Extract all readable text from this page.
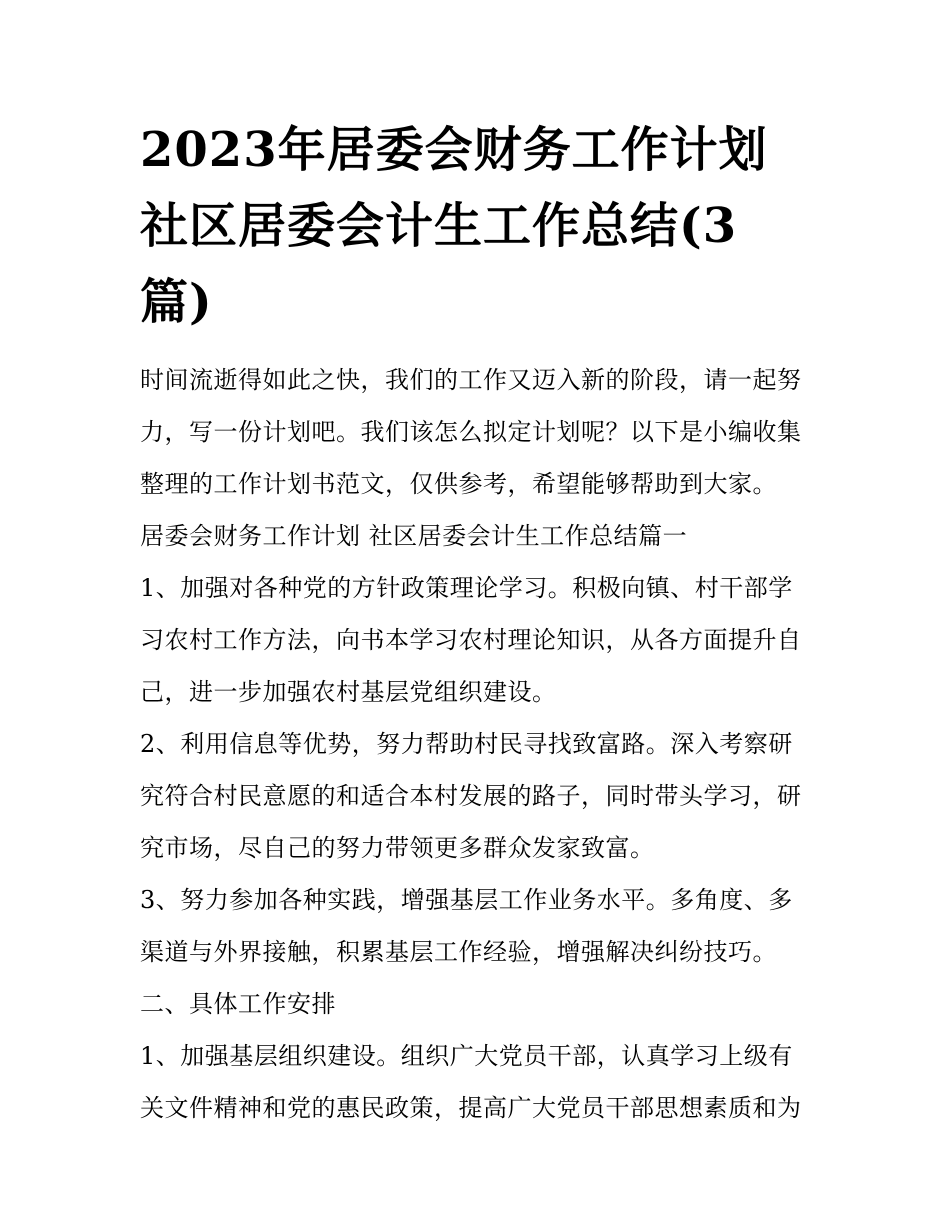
2023年居委会财务工作计划
社区居委会计生工作总结(3
篇)

时间流逝得如此之快，我们的工作又迈入新的阶段，请一起努

力，写一份计划吧。我们该怎么拟定计划呢？以下是小编收集

整理的工作计划书范文，仅供参考，希望能够帮助到大家。

居委会财务工作计划 社区居委会计生工作总结篇一

1、加强对各种党的方针政策理论学习。积极向镇、村干部学

习农村工作方法，向书本学习农村理论知识，从各方面提升自

己，进一步加强农村基层党组织建设。

2、利用信息等优势，努力帮助村民寻找致富路。深入考察研

究符合村民意愿的和适合本村发展的路子，同时带头学习，研

究市场，尽自己的努力带领更多群众发家致富。

3、努力参加各种实践，增强基层工作业务水平。多角度、多

渠道与外界接触，积累基层工作经验，增强解决纠纷技巧。

二、具体工作安排

1、加强基层组织建设。组织广大党员干部，认真学习上级有

关文件精神和党的惠民政策，提高广大党员干部思想素质和为
